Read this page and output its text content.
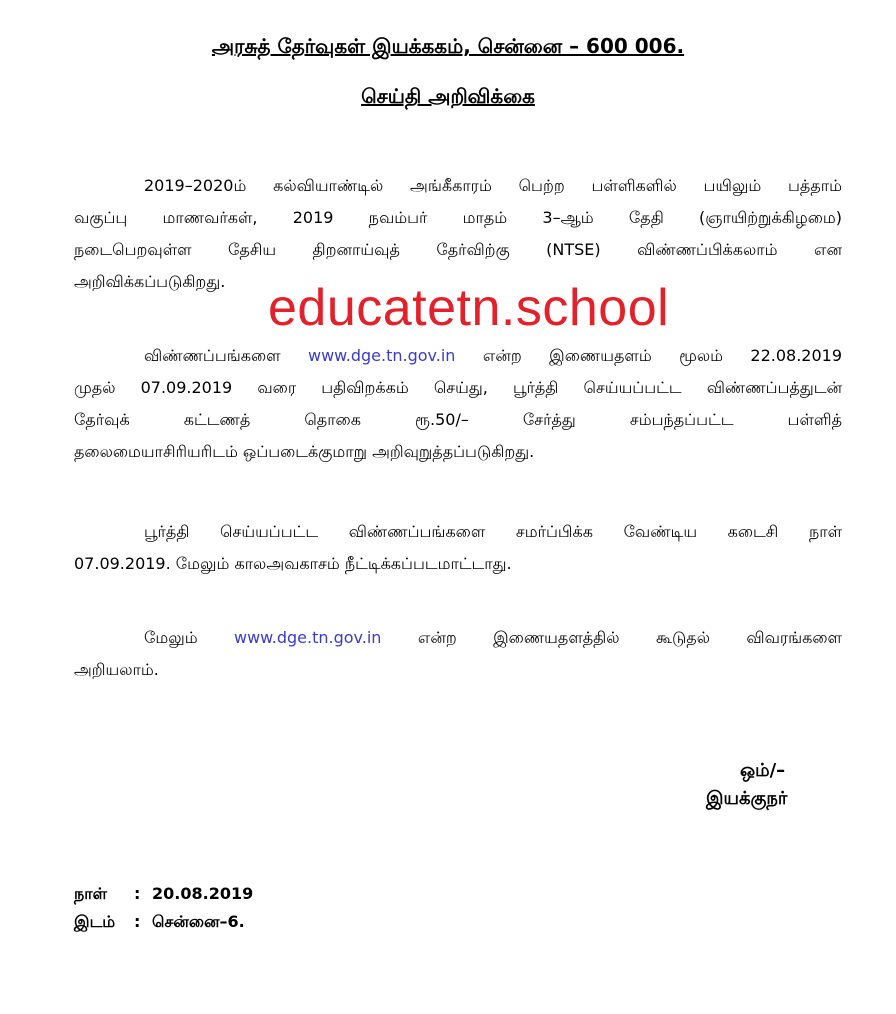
அரசுத் தேர்வுகள் இயக்ககம், சென்னை – 600 006.
செய்தி அறிவிக்கை
2019–2020ம் கல்வியாண்டில் அங்கீகாரம் பெற்ற பள்ளிகளில் பயிலும் பத்தாம்
வகுப்பு மாணவர்கள், 2019 நவம்பர் மாதம் 3–ஆம் தேதி (ஞாயிற்றுக்கிழமை)
நடைபெறவுள்ள தேசிய திறனாய்வுத் தேர்விற்கு (NTSE) விண்ணப்பிக்கலாம் என
அறிவிக்கப்படுகிறது. educatetn.school
விண்ணப்பங்களை www.dge.tn.gov.in என்ற இணையதளம் மூலம் 22.08.2019
முதல் 07.09.2019 வரை பதிவிறக்கம் செய்து, பூர்த்தி செய்யப்பட்ட விண்ணப்பத்துடன்
தேர்வுக் கட்டணத் தொகை ரூ.50/– சேர்த்து சம்பந்தப்பட்ட பள்ளித்
தலைமையாசிரியரிடம் ஒப்படைக்குமாறு அறிவுறுத்தப்படுகிறது.
பூர்த்தி செய்யப்பட்ட விண்ணப்பங்களை சமர்ப்பிக்க வேண்டிய கடைசி நாள்
07.09.2019. மேலும் காலஅவகாசம் நீட்டிக்கப்படமாட்டாது.
மேலும் www.dge.tn.gov.in என்ற இணையதளத்தில் கூடுதல் விவரங்களை
அறியலாம்.
ஒம்/–
இயக்குநர்
நாள் : 20.08.2019
இடம் : சென்னை–6.
